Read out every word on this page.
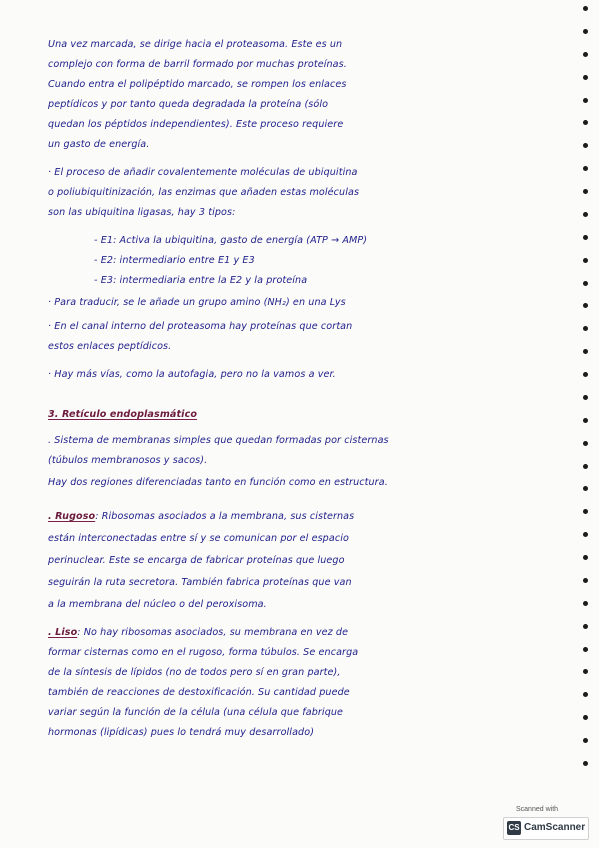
Una vez marcada, se dirige hacia el proteasoma. Este es un
complejo con forma de barril formado por muchas proteínas.
Cuando entra el polipéptido marcado, se rompen los enlaces
peptídicos y por tanto queda degradada la proteína (sólo
quedan los péptidos independientes). Este proceso requiere
un gasto de energía.
· El proceso de añadir covalentemente moléculas de ubiquitina
o poliubiquitinización, las enzimas que añaden estas moléculas
son las ubiquitina ligasas, hay 3 tipos:
- E1: Activa la ubiquitina, gasto de energía (ATP → AMP)
- E2: intermediario entre E1 y E3
- E3: intermediaria entre la E2 y la proteína
· Para traducir, se le añade un grupo amino (NH₂) en una Lys
· En el canal interno del proteasoma hay proteínas que cortan
estos enlaces peptídicos.
· Hay más vías, como la autofagia, pero no la vamos a ver.
3. Retículo endoplasmático
. Sistema de membranas simples que quedan formadas por cisternas
(túbulos membranosos y sacos).
Hay dos regiones diferenciadas tanto en función como en estructura.
. Rugoso: Ribosomas asociados a la membrana, sus cisternas
están interconectadas entre sí y se comunican por el espacio
perinuclear. Este se encarga de fabricar proteínas que luego
seguirán la ruta secretora. También fabrica proteínas que van
a la membrana del núcleo o del peroxisoma.
. Liso: No hay ribosomas asociados, su membrana en vez de
formar cisternas como en el rugoso, forma túbulos. Se encarga
de la síntesis de lípidos (no de todos pero sí en gran parte),
también de reacciones de destoxificación. Su cantidad puede
variar según la función de la célula (una célula que fabrique
hormonas (lipídicas) pues lo tendrá muy desarrollado)
Scanned with
CS CamScanner
